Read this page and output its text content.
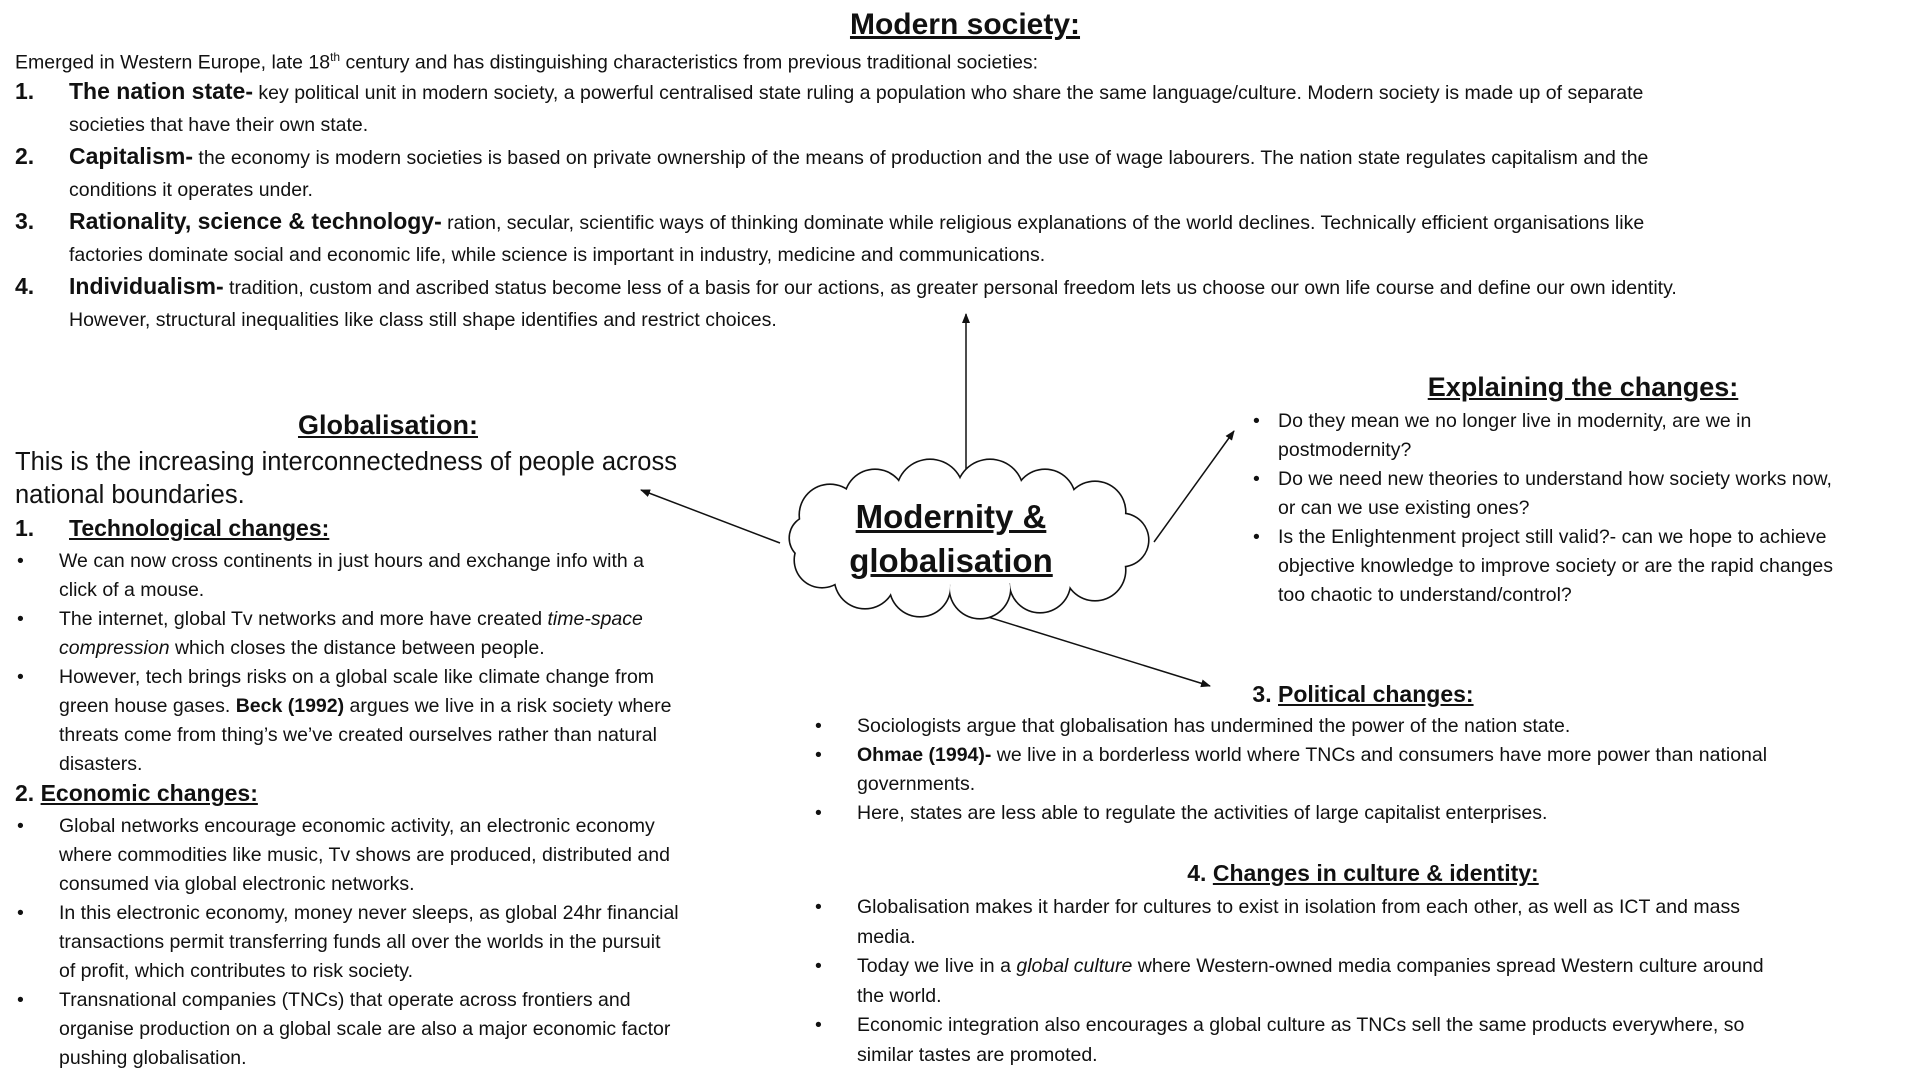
Modernity &
globalisation
Modern society:
Emerged in Western Europe, late 18th century and has distinguishing characteristics from previous traditional societies:
1. The nation state- key political unit in modern society, a powerful centralised state ruling a population who share the same language/culture. Modern society is made up of separate
societies that have their own state.
2. Capitalism- the economy is modern societies is based on private ownership of the means of production and the use of wage labourers. The nation state regulates capitalism and the
conditions it operates under.
3. Rationality, science & technology- ration, secular, scientific ways of thinking dominate while religious explanations of the world declines. Technically efficient organisations like
factories dominate social and economic life, while science is important in industry, medicine and communications.
4. Individualism- tradition, custom and ascribed status become less of a basis for our actions, as greater personal freedom lets us choose our own life course and define our own identity.
However, structural inequalities like class still shape identifies and restrict choices.
Globalisation:
This is the increasing interconnectedness of people across
national boundaries.
1. Technological changes:
• We can now cross continents in just hours and exchange info with a
click of a mouse.
• The internet, global Tv networks and more have created time-space
compression which closes the distance between people.
• However, tech brings risks on a global scale like climate change from
green house gases. Beck (1992) argues we live in a risk society where
threats come from thing’s we’ve created ourselves rather than natural
disasters.
2. Economic changes:
• Global networks encourage economic activity, an electronic economy
where commodities like music, Tv shows are produced, distributed and
consumed via global electronic networks.
• In this electronic economy, money never sleeps, as global 24hr financial
transactions permit transferring funds all over the worlds in the pursuit
of profit, which contributes to risk society.
• Transnational companies (TNCs) that operate across frontiers and
organise production on a global scale are also a major economic factor
pushing globalisation.
Explaining the changes:
• Do they mean we no longer live in modernity, are we in
postmodernity?
• Do we need new theories to understand how society works now,
or can we use existing ones?
• Is the Enlightenment project still valid?- can we hope to achieve
objective knowledge to improve society or are the rapid changes
too chaotic to understand/control?
3. Political changes:
• Sociologists argue that globalisation has undermined the power of the nation state.
• Ohmae (1994)- we live in a borderless world where TNCs and consumers have more power than national
governments.
• Here, states are less able to regulate the activities of large capitalist enterprises.
4. Changes in culture & identity:
• Globalisation makes it harder for cultures to exist in isolation from each other, as well as ICT and mass
media.
• Today we live in a global culture where Western-owned media companies spread Western culture around
the world.
• Economic integration also encourages a global culture as TNCs sell the same products everywhere, so
similar tastes are promoted.
